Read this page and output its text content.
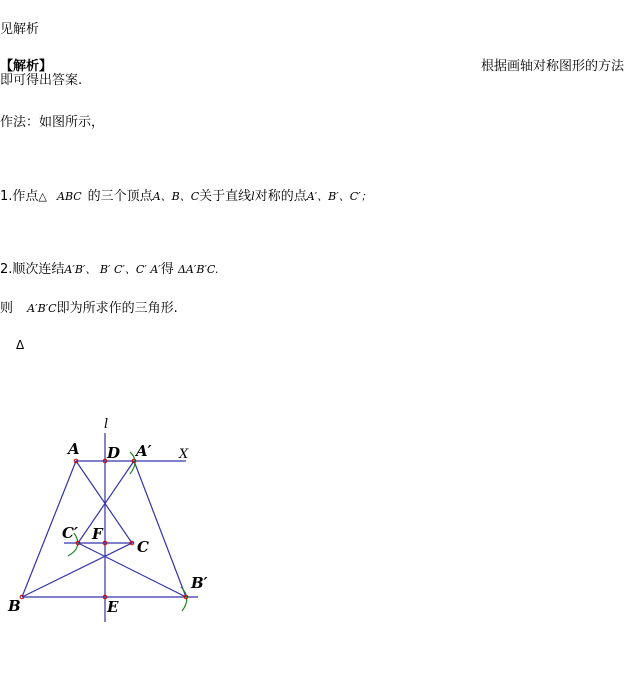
见解析
【解析】	根据画轴对称图形的方法
即可得出答案.
作法：如图所示，
1.作点△ ABC 的三个顶点A、B、C关于直线l对称的点A′、B′、C′；
2.顺次连结A′B′、 B′ C′、C′ A′得 ΔA′B′C.
则 A′B′C即为所求作的三角形.
Δ
l
A D A′ X
C′ F
C
B′
B	E
